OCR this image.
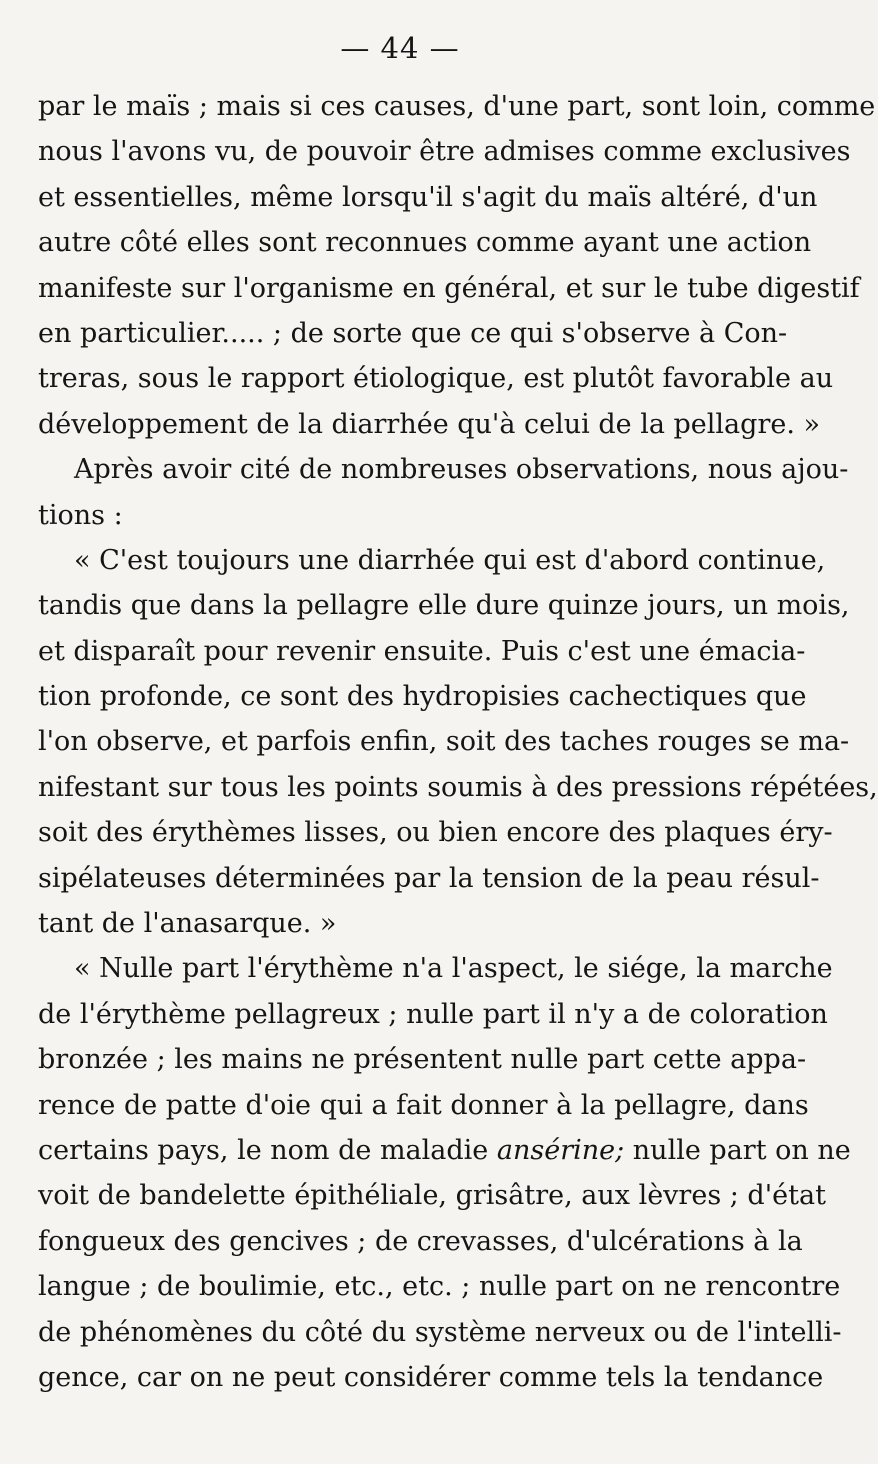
— 44 —
par le maïs ; mais si ces causes, d'une part, sont loin, comme
nous l'avons vu, de pouvoir être admises comme exclusives
et essentielles, même lorsqu'il s'agit du maïs altéré, d'un
autre côté elles sont reconnues comme ayant une action
manifeste sur l'organisme en général, et sur le tube digestif
en particulier..... ; de sorte que ce qui s'observe à Con-
treras, sous le rapport étiologique, est plutôt favorable au
développement de la diarrhée qu'à celui de la pellagre. »
Après avoir cité de nombreuses observations, nous ajou-
tions :
« C'est toujours une diarrhée qui est d'abord continue,
tandis que dans la pellagre elle dure quinze jours, un mois,
et disparaît pour revenir ensuite. Puis c'est une émacia-
tion profonde, ce sont des hydropisies cachectiques que
l'on observe, et parfois enfin, soit des taches rouges se ma-
nifestant sur tous les points soumis à des pressions répétées,
soit des érythèmes lisses, ou bien encore des plaques éry-
sipélateuses déterminées par la tension de la peau résul-
tant de l'anasarque. »
« Nulle part l'érythème n'a l'aspect, le siége, la marche
de l'érythème pellagreux ; nulle part il n'y a de coloration
bronzée ; les mains ne présentent nulle part cette appa-
rence de patte d'oie qui a fait donner à la pellagre, dans
certains pays, le nom de maladie ansérine; nulle part on ne
voit de bandelette épithéliale, grisâtre, aux lèvres ; d'état
fongueux des gencives ; de crevasses, d'ulcérations à la
langue ; de boulimie, etc., etc. ; nulle part on ne rencontre
de phénomènes du côté du système nerveux ou de l'intelli-
gence, car on ne peut considérer comme tels la tendance
